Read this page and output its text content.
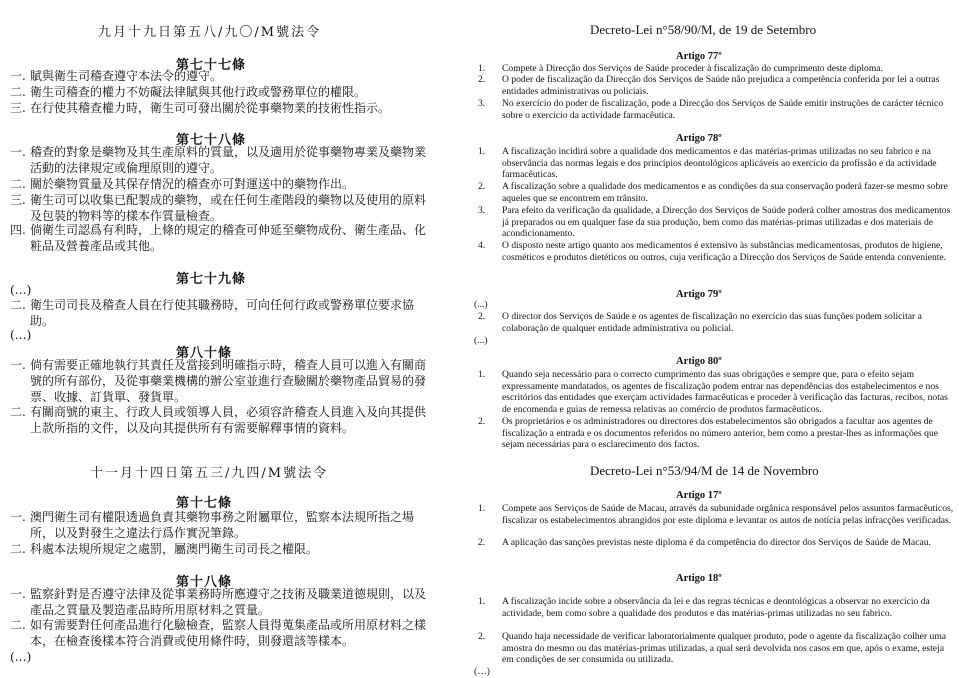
九月十九日第五八/九〇/M號法令
第七十七條
一. 賦與衛生司稽查遵守本法令的遵守。
二. 衛生司稽查的權力不妨礙法律賦與其他行政或警務單位的權限。
三. 在行使其稽查權力時，衛生司可發出關於從事藥物業的技術性指示。
第七十八條
一. 稽查的對象是藥物及其生產原料的質量，以及適用於從事藥物專業及藥物業活動的法律規定或倫理原則的遵守。
二. 關於藥物質量及其保存情況的稽查亦可對運送中的藥物作出。
三. 衛生司可以收集已配製成的藥物，或在任何生產階段的藥物以及使用的原料及包裝的物料等的樣本作質量檢查。
四. 倘衛生司認爲有利時，上條的規定的稽查可伸延至藥物成份、衛生產品、化粧品及營養產品或其他。
第七十九條
(…)
二. 衛生司司長及稽查人員在行使其職務時，可向任何行政或警務單位要求協助。
(…)
第八十條
一. 倘有需要正確地執行其責任及當接到明確指示時，稽查人員可以進入有關商號的所有部份，及從事藥業機構的辦公室並進行查驗關於藥物產品貿易的發票、收據、訂貨單、發貨單。
二. 有關商號的東主、行政人員或領導人員，必須容許稽查人員進入及向其提供上款所指的文件，以及向其提供所有有需要解釋事情的資料。
十一月十四日第五三/九四/M號法令
第十七條
一. 澳門衛生司有權限透過負責其藥物事務之附屬單位，監察本法規所指之場所，以及對發生之違法行爲作實況筆錄。
二. 科處本法規所規定之處罰，屬澳門衛生司司長之權限。
第十八條
一. 監察針對是否遵守法律及從事業務時所應遵守之技術及職業道德規則，以及產品之質量及製造產品時所用原材料之質量。
二. 如有需要對任何產品進行化驗檢查，監察人員得蒐集產品或所用原材料之樣本，在檢查後樣本符合消費或使用條件時，則發還該等樣本。
(…)
Decreto-Lei n°58/90/M, de 19 de Setembro
Artigo 77º
1. Compete à Direcção dos Serviços de Saúde proceder à fiscalização do cumprimento deste diploma.
2. O poder de fiscalização da Direcção dos Serviços de Saúde não prejudica a competência conferida por lei a outras entidades administrativas ou policiais.
3. No exercício do poder de fiscalização, pode a Direcção dos Serviços de Saúde emitir instruções de carácter técnico sobre o exercício da actividade farmacêutica.
Artigo 78º
1. A fiscalização incidirá sobre a qualidade dos medicamentos e das matérias-primas utilizadas no seu fabrico e na observância das normas legais e dos princípios deontológicos aplicáveis ao exercício da profissão e da actividade farmacêuticas.
2. A fiscalização sobre a qualidade dos medicamentos e as condições da sua conservação poderá fazer-se mesmo sobre aqueles que se encontrem em trânsito.
3. Para efeito da verificação da qualidade, a Direcção dos Serviços de Saúde poderá colher amostras dos medicamentos já preparados ou em qualquer fase da sua produção, bem como das matérias-primas utilizadas e dos materiais de acondicionamento.
4. O disposto neste artigo quanto aos medicamentos é extensivo às substâncias medicamentosas, produtos de higiene, cosméticos e produtos dietéticos ou outros, cuja verificação a Direcção dos Serviços de Saúde entenda conveniente.
Artigo 79º
(...)
2. O director dos Serviços de Saúde e os agentes de fiscalização no exercício das suas funções podem solicitar a colaboração de qualquer entidade administrativa ou policial.
(...)
Artigo 80º
1. Quando seja necessário para o correcto cumprimento das suas obrigações e sempre que, para o efeito sejam expressamente mandatados, os agentes de fiscalização podem entrar nas dependências dos estabelecimentos e nos escritórios das entidades que exerçam actividades farmacêuticas e proceder à verificação das facturas, recibos, notas de encomenda e guias de remessa relativas ao comércio de produtos farmacêuticos.
2. Os proprietários e os administradores ou directores dos estabelecimentos são obrigados a facultar aos agentes de fiscalização a entrada e os documentos referidos no número anterior, bem como a prestar-lhes as informações que sejam necessárias para o esclarecimento dos factos.
Decreto-Lei n°53/94/M de 14 de Novembro
Artigo 17º
1. Compete aos Serviços de Saúde de Macau, através da subunidade orgânica responsável pelos assuntos farmacêuticos, fiscalizar os estabelecimentos abrangidos por este diploma e levantar os autos de notícia pelas infracções verificadas.
2. A aplicação das sanções previstas neste diploma é da competência do director dos Serviços de Saúde de Macau.
Artigo 18º
1. A fiscalização incide sobre a observância da lei e das regras técnicas e deontológicas a observar no exercício da actividade, bem como sobre a qualidade dos produtos e das matérias-primas utilizadas no seu fabrico.
2. Quando haja necessidade de verificar laboratorialmente qualquer produto, pode o agente da fiscalização colher uma amostra do mesmo ou das matérias-primas utilizadas, a qual será devolvida nos casos em que, após o exame, esteja em condições de ser consumida ou utilizada.
(…)
